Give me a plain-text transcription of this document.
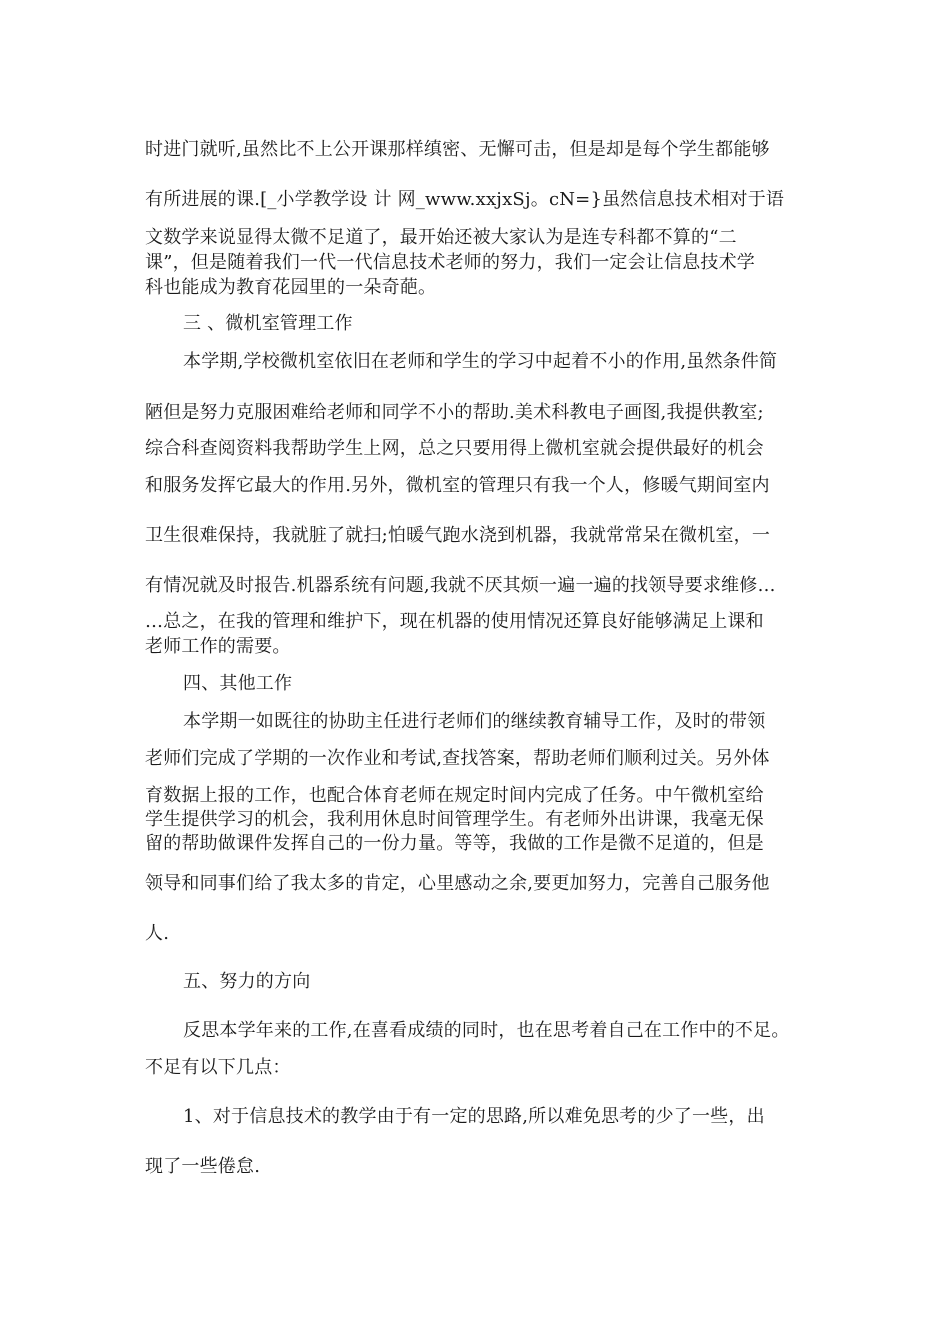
时进门就听,虽然比不上公开课那样缜密、无懈可击，但是却是每个学生都能够
有所进展的课.[_小学教学设 计 网_www.xxjxSj。cN=}虽然信息技术相对于语
文数学来说显得太微不足道了，最开始还被大家认为是连专科都不算的“二
课”，但是随着我们一代一代信息技术老师的努力，我们一定会让信息技术学
科也能成为教育花园里的一朵奇葩。
三 、微机室管理工作
本学期,学校微机室依旧在老师和学生的学习中起着不小的作用,虽然条件简
陋但是努力克服困难给老师和同学不小的帮助.美术科教电子画图,我提供教室;
综合科查阅资料我帮助学生上网，总之只要用得上微机室就会提供最好的机会
和服务发挥它最大的作用.另外，微机室的管理只有我一个人，修暖气期间室内
卫生很难保持，我就脏了就扫;怕暖气跑水浇到机器，我就常常呆在微机室，一
有情况就及时报告.机器系统有问题,我就不厌其烦一遍一遍的找领导要求维修…
…总之，在我的管理和维护下，现在机器的使用情况还算良好能够满足上课和
老师工作的需要。
四、其他工作
本学期一如既往的协助主任进行老师们的继续教育辅导工作，及时的带领
老师们完成了学期的一次作业和考试,查找答案，帮助老师们顺利过关。另外体
育数据上报的工作，也配合体育老师在规定时间内完成了任务。中午微机室给
学生提供学习的机会，我利用休息时间管理学生。有老师外出讲课，我毫无保
留的帮助做课件发挥自己的一份力量。等等，我做的工作是微不足道的，但是
领导和同事们给了我太多的肯定，心里感动之余,要更加努力，完善自己服务他
人.
五、努力的方向
反思本学年来的工作,在喜看成绩的同时，也在思考着自己在工作中的不足。
不足有以下几点：
1、对于信息技术的教学由于有一定的思路,所以难免思考的少了一些，出
现了一些倦怠.
